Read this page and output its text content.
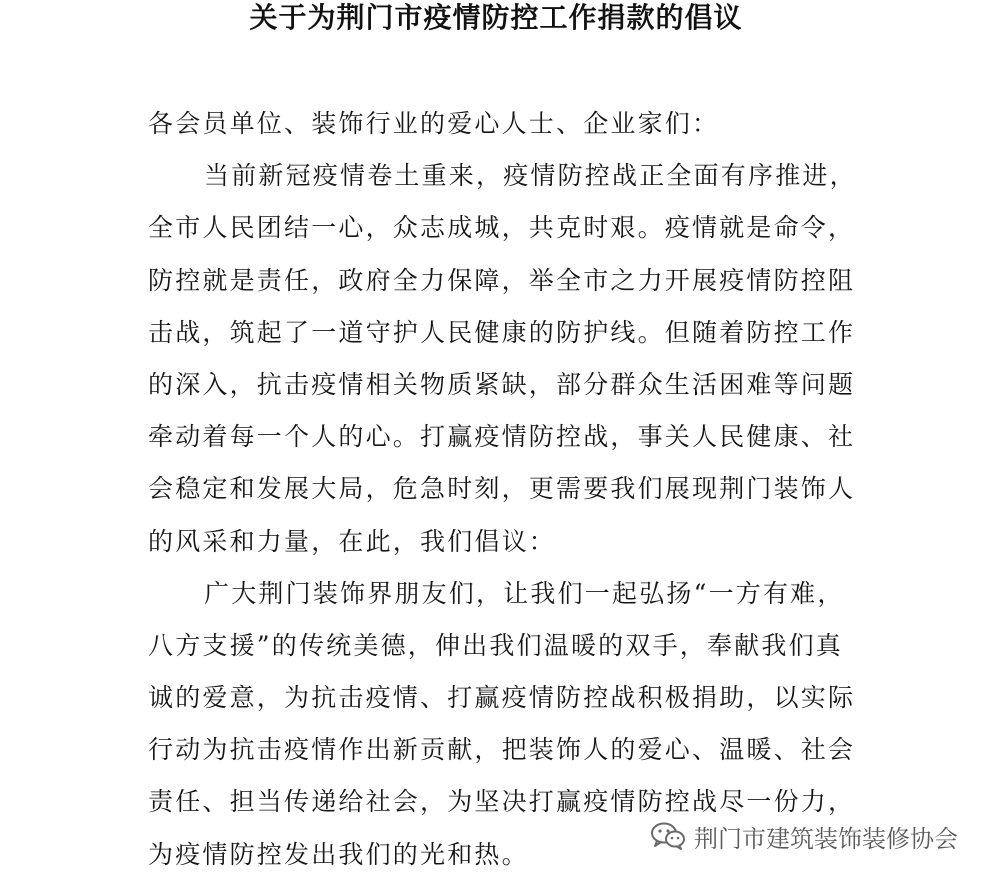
关于为荆门市疫情防控工作捐款的倡议
各会员单位、装饰行业的爱心人士、企业家们：
当前新冠疫情卷土重来，疫情防控战正全面有序推进，
全市人民团结一心，众志成城，共克时艰。疫情就是命令，
防控就是责任，政府全力保障，举全市之力开展疫情防控阻
击战，筑起了一道守护人民健康的防护线。但随着防控工作
的深入，抗击疫情相关物质紧缺，部分群众生活困难等问题
牵动着每一个人的心。打赢疫情防控战，事关人民健康、社
会稳定和发展大局，危急时刻，更需要我们展现荆门装饰人
的风采和力量，在此，我们倡议：
广大荆门装饰界朋友们，让我们一起弘扬“一方有难，
八方支援”的传统美德，伸出我们温暖的双手，奉献我们真
诚的爱意，为抗击疫情、打赢疫情防控战积极捐助，以实际
行动为抗击疫情作出新贡献，把装饰人的爱心、温暖、社会
责任、担当传递给社会，为坚决打赢疫情防控战尽一份力，
为疫情防控发出我们的光和热。
荆门市建筑装饰装修协会
